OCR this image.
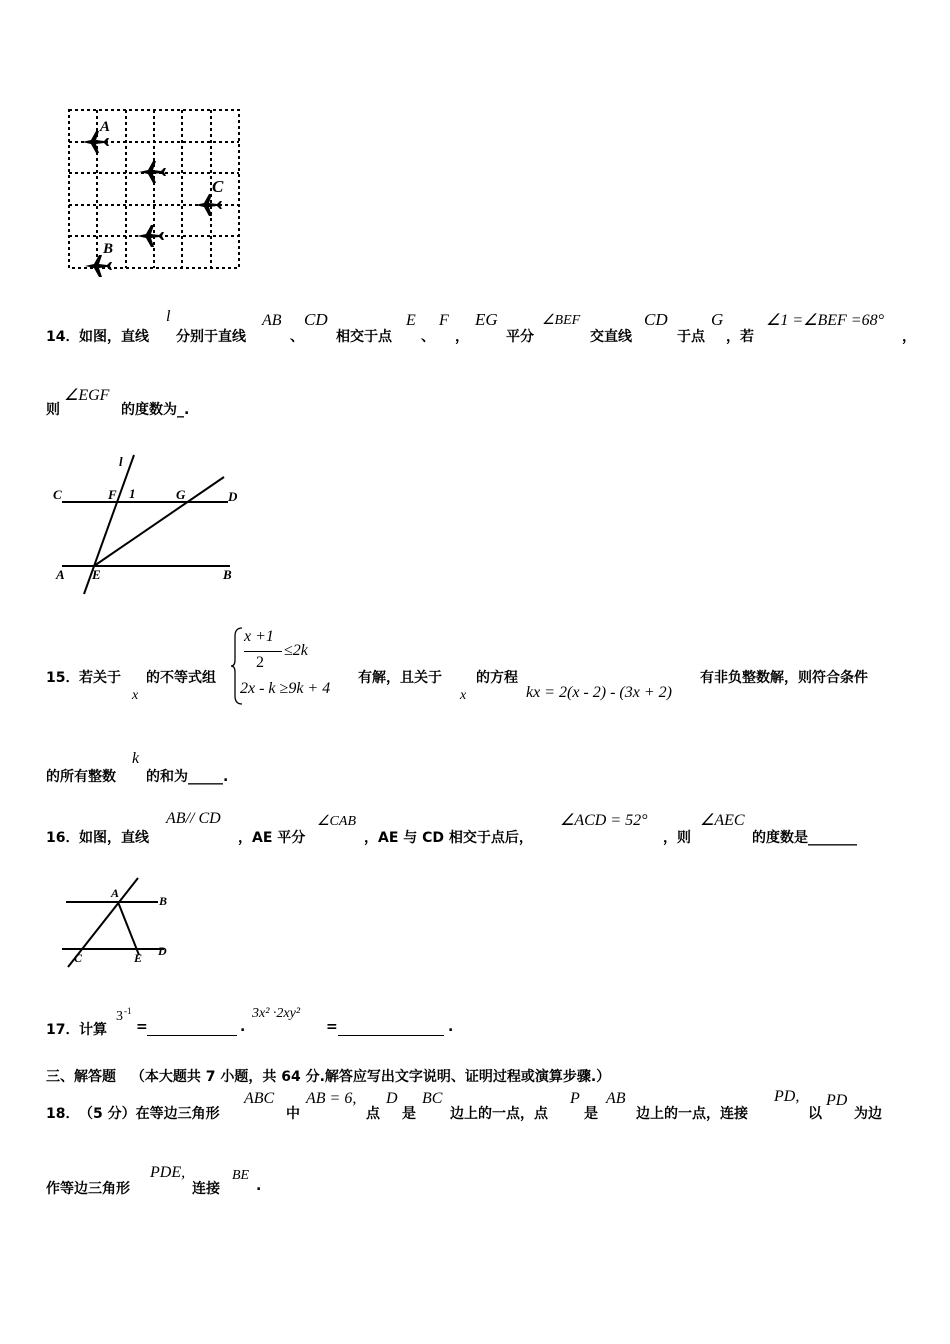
A
C
B
14． 如图，直线
l
分别于直线
AB
、
CD
相交于点
E
、
F
，
EG
平分
∠BEF
交直线
CD
于点
G
，若
∠1 =∠BEF =68°
，
则
∠EGF
的度数为_.
l
C	F 1	G	D
A E	B
15． 若关于
x
的不等式组
x +1
2
≤2k
2x - k ≥9k + 4
有解，且关于
x
的方程
kx = 2(x - 2) - (3x + 2)
有非负整数解，则符合条件
的所有整数
k
的和为_____.
16． 如图，直线
AB// CD
，AE 平分
∠CAB
，AE 与 CD 相交于点后，
∠ACD = 52°
，则
∠AEC
的度数是_______
A
B
C	E D
17． 计算
3 -1
=	.
3x² ·2xy²
=	.
三、解答题 （本大题共 7 小题，共 64 分.解答应写出文字说明、证明过程或演算步骤.）
18． （5 分）在等边三角形
ABC
中
AB = 6,
点
D
是
BC
边上的一点，点
P
是
AB
边上的一点，连接
PD,
以
PD
为边
作等边三角形
PDE,
连接
BE
.
